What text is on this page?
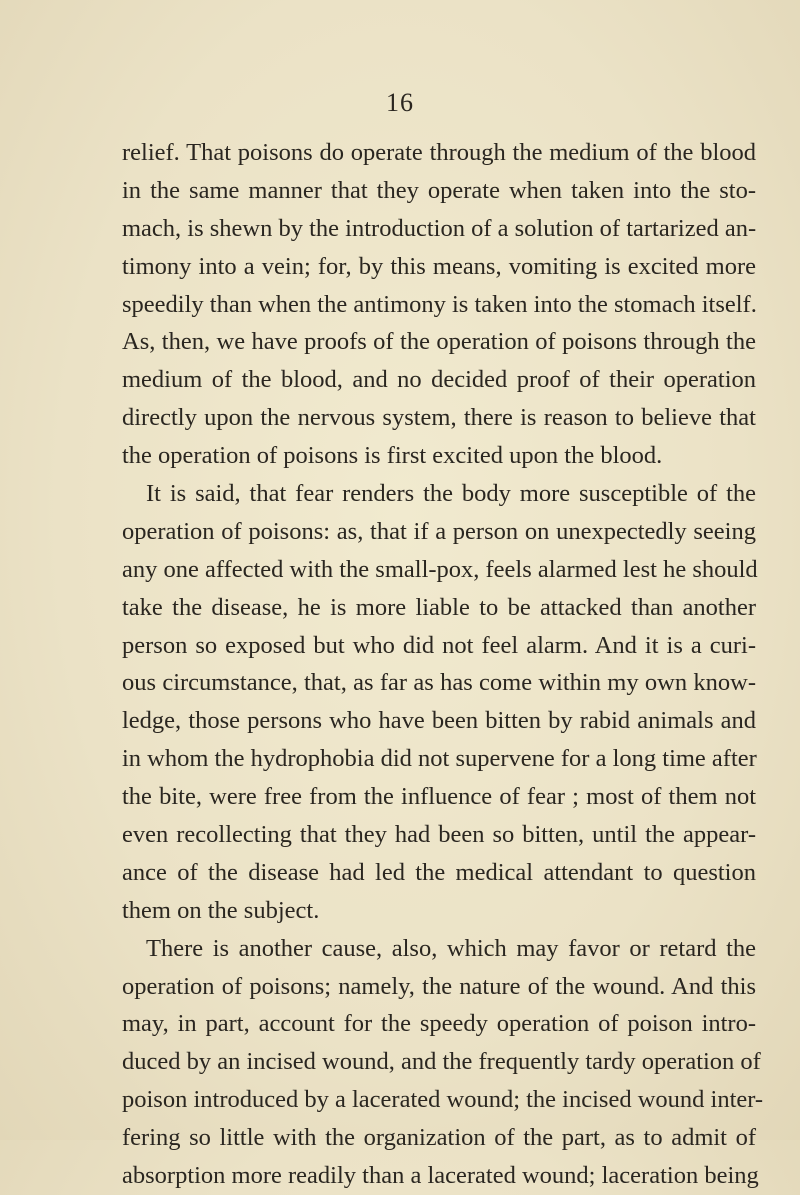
16
relief. That poisons do operate through the medium of the blood
in the same manner that they operate when taken into the sto-
mach, is shewn by the introduction of a solution of tartarized an-
timony into a vein; for, by this means, vomiting is excited more
speedily than when the antimony is taken into the stomach itself.
As, then, we have proofs of the operation of poisons through the
medium of the blood, and no decided proof of their operation
directly upon the nervous system, there is reason to believe that
the operation of poisons is first excited upon the blood.
It is said, that fear renders the body more susceptible of the
operation of poisons: as, that if a person on unexpectedly seeing
any one affected with the small-pox, feels alarmed lest he should
take the disease, he is more liable to be attacked than another
person so exposed but who did not feel alarm. And it is a curi-
ous circumstance, that, as far as has come within my own know-
ledge, those persons who have been bitten by rabid animals and
in whom the hydrophobia did not supervene for a long time after
the bite, were free from the influence of fear ; most of them not
even recollecting that they had been so bitten, until the appear-
ance of the disease had led the medical attendant to question
them on the subject.
There is another cause, also, which may favor or retard the
operation of poisons; namely, the nature of the wound. And this
may, in part, account for the speedy operation of poison intro-
duced by an incised wound, and the frequently tardy operation of
poison introduced by a lacerated wound; the incised wound inter-
fering so little with the organization of the part, as to admit of
absorption more readily than a lacerated wound; laceration being
